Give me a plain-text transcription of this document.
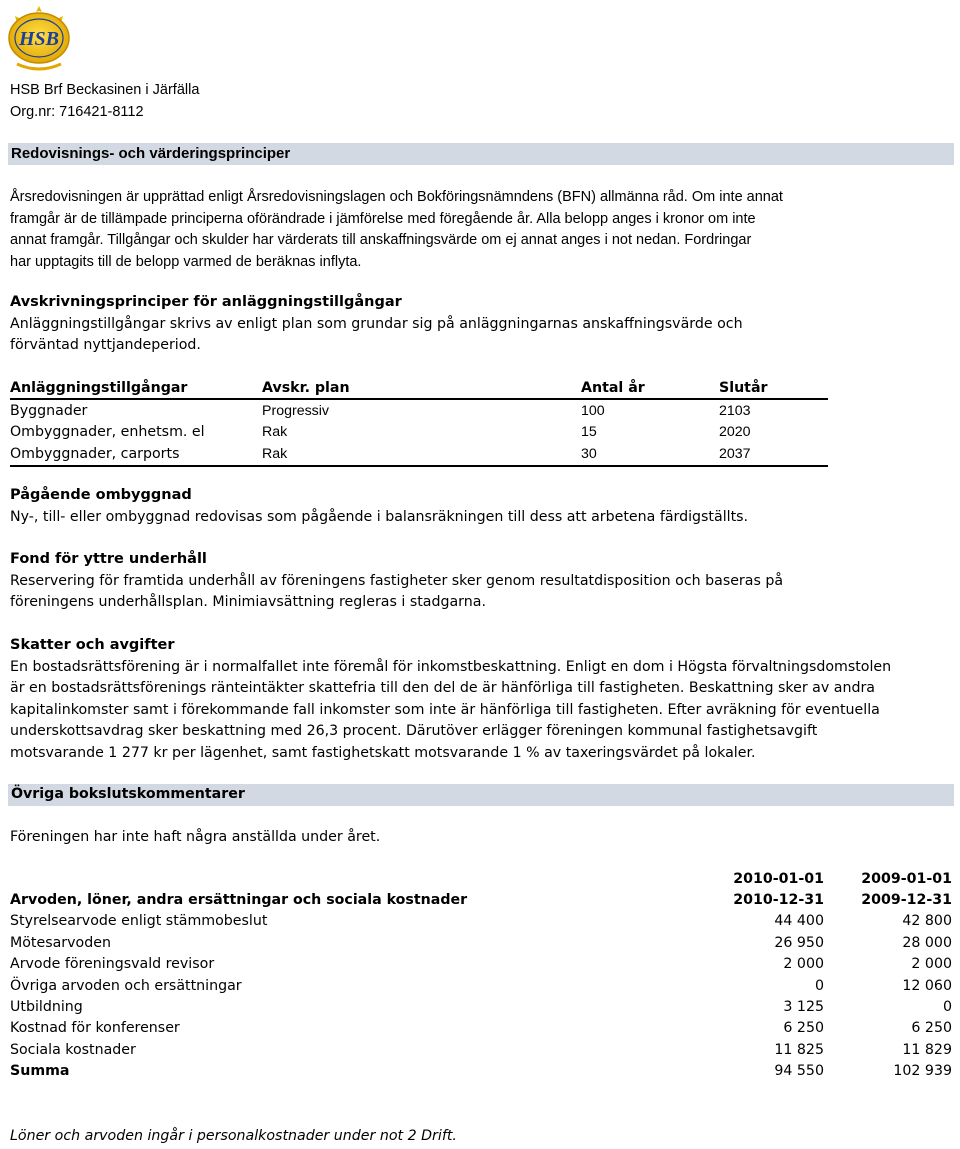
HSB
HSB Brf Beckasinen i Järfälla
Org.nr: 716421-8112
Redovisnings- och värderingsprinciper
Årsredovisningen är upprättad enligt Årsredovisningslagen och Bokföringsnämndens (BFN) allmänna råd. Om inte annat
framgår är de tillämpade principerna oförändrade i jämförelse med föregående år. Alla belopp anges i kronor om inte
annat framgår. Tillgångar och skulder har värderats till anskaffningsvärde om ej annat anges i not nedan. Fordringar
har upptagits till de belopp varmed de beräknas inflyta.
Avskrivningsprinciper för anläggningstillgångar
Anläggningstillgångar skrivs av enligt plan som grundar sig på anläggningarnas anskaffningsvärde och
förväntad nyttjandeperiod.
Anläggningstillgångar	Avskr. plan	Antal år	Slutår
Byggnader	Progressiv	100	2103
Ombyggnader, enhetsm. el	Rak	15	2020
Ombyggnader, carports	Rak	30	2037
Pågående ombyggnad
Ny-, till- eller ombyggnad redovisas som pågående i balansräkningen till dess att arbetena färdigställts.
Fond för yttre underhåll
Reservering för framtida underhåll av föreningens fastigheter sker genom resultatdisposition och baseras på
föreningens underhållsplan. Minimiavsättning regleras i stadgarna.
Skatter och avgifter
En bostadsrättsförening är i normalfallet inte föremål för inkomstbeskattning. Enligt en dom i Högsta förvaltningsdomstolen
är en bostadsrättsförenings ränteintäkter skattefria till den del de är hänförliga till fastigheten. Beskattning sker av andra
kapitalinkomster samt i förekommande fall inkomster som inte är hänförliga till fastigheten. Efter avräkning för eventuella
underskottsavdrag sker beskattning med 26,3 procent. Därutöver erlägger föreningen kommunal fastighetsavgift
motsvarande 1 277 kr per lägenhet, samt fastighetskatt motsvarande 1 % av taxeringsvärdet på lokaler.
Övriga bokslutskommentarer
Föreningen har inte haft några anställda under året.
	2010-01-01	2009-01-01
Arvoden, löner, andra ersättningar och sociala kostnader	2010-12-31	2009-12-31
Styrelsearvode enligt stämmobeslut	44 400	42 800
Mötesarvoden	26 950	28 000
Arvode föreningsvald revisor	2 000	2 000
Övriga arvoden och ersättningar	0	12 060
Utbildning	3 125	0
Kostnad för konferenser	6 250	6 250
Sociala kostnader	11 825	11 829
Summa	94 550	102 939
Löner och arvoden ingår i personalkostnader under not 2 Drift.
